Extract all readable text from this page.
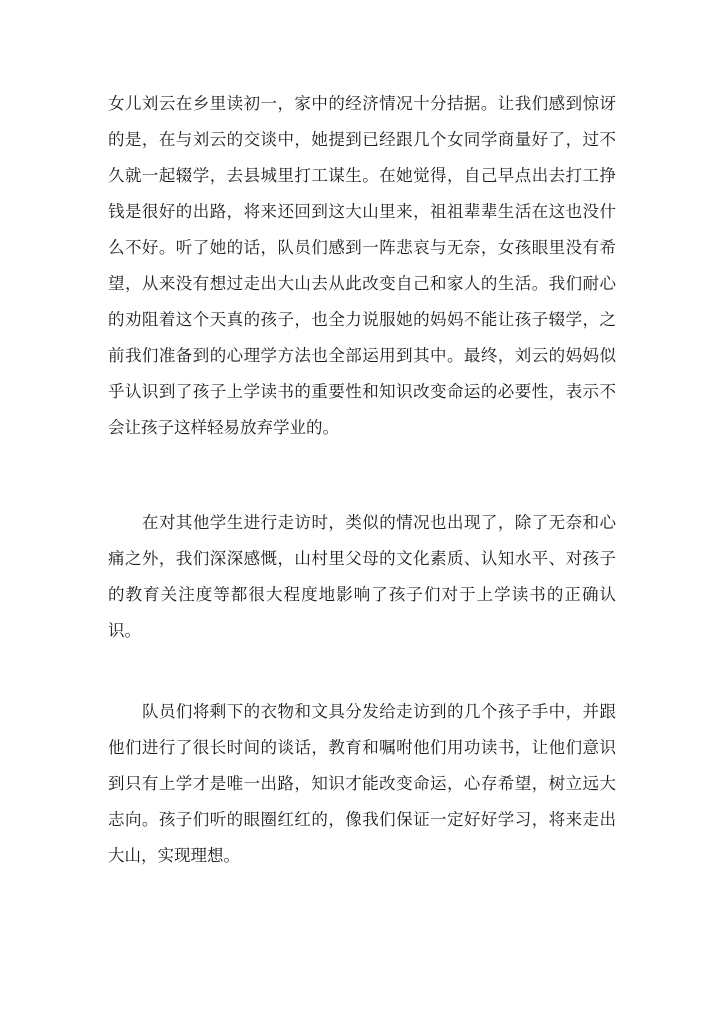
女儿刘云在乡里读初一，家中的经济情况十分拮据。让我们感到惊讶
的是，在与刘云的交谈中，她提到已经跟几个女同学商量好了，过不
久就一起辍学，去县城里打工谋生。在她觉得，自己早点出去打工挣
钱是很好的出路，将来还回到这大山里来，祖祖辈辈生活在这也没什
么不好。听了她的话，队员们感到一阵悲哀与无奈，女孩眼里没有希
望，从来没有想过走出大山去从此改变自己和家人的生活。我们耐心
的劝阻着这个天真的孩子，也全力说服她的妈妈不能让孩子辍学，之
前我们准备到的心理学方法也全部运用到其中。最终，刘云的妈妈似
乎认识到了孩子上学读书的重要性和知识改变命运的必要性，表示不
会让孩子这样轻易放弃学业的。
在对其他学生进行走访时，类似的情况也出现了，除了无奈和心
痛之外，我们深深感慨，山村里父母的文化素质、认知水平、对孩子
的教育关注度等都很大程度地影响了孩子们对于上学读书的正确认
识。
队员们将剩下的衣物和文具分发给走访到的几个孩子手中，并跟
他们进行了很长时间的谈话，教育和嘱咐他们用功读书，让他们意识
到只有上学才是唯一出路，知识才能改变命运，心存希望，树立远大
志向。孩子们听的眼圈红红的，像我们保证一定好好学习，将来走出
大山，实现理想。
